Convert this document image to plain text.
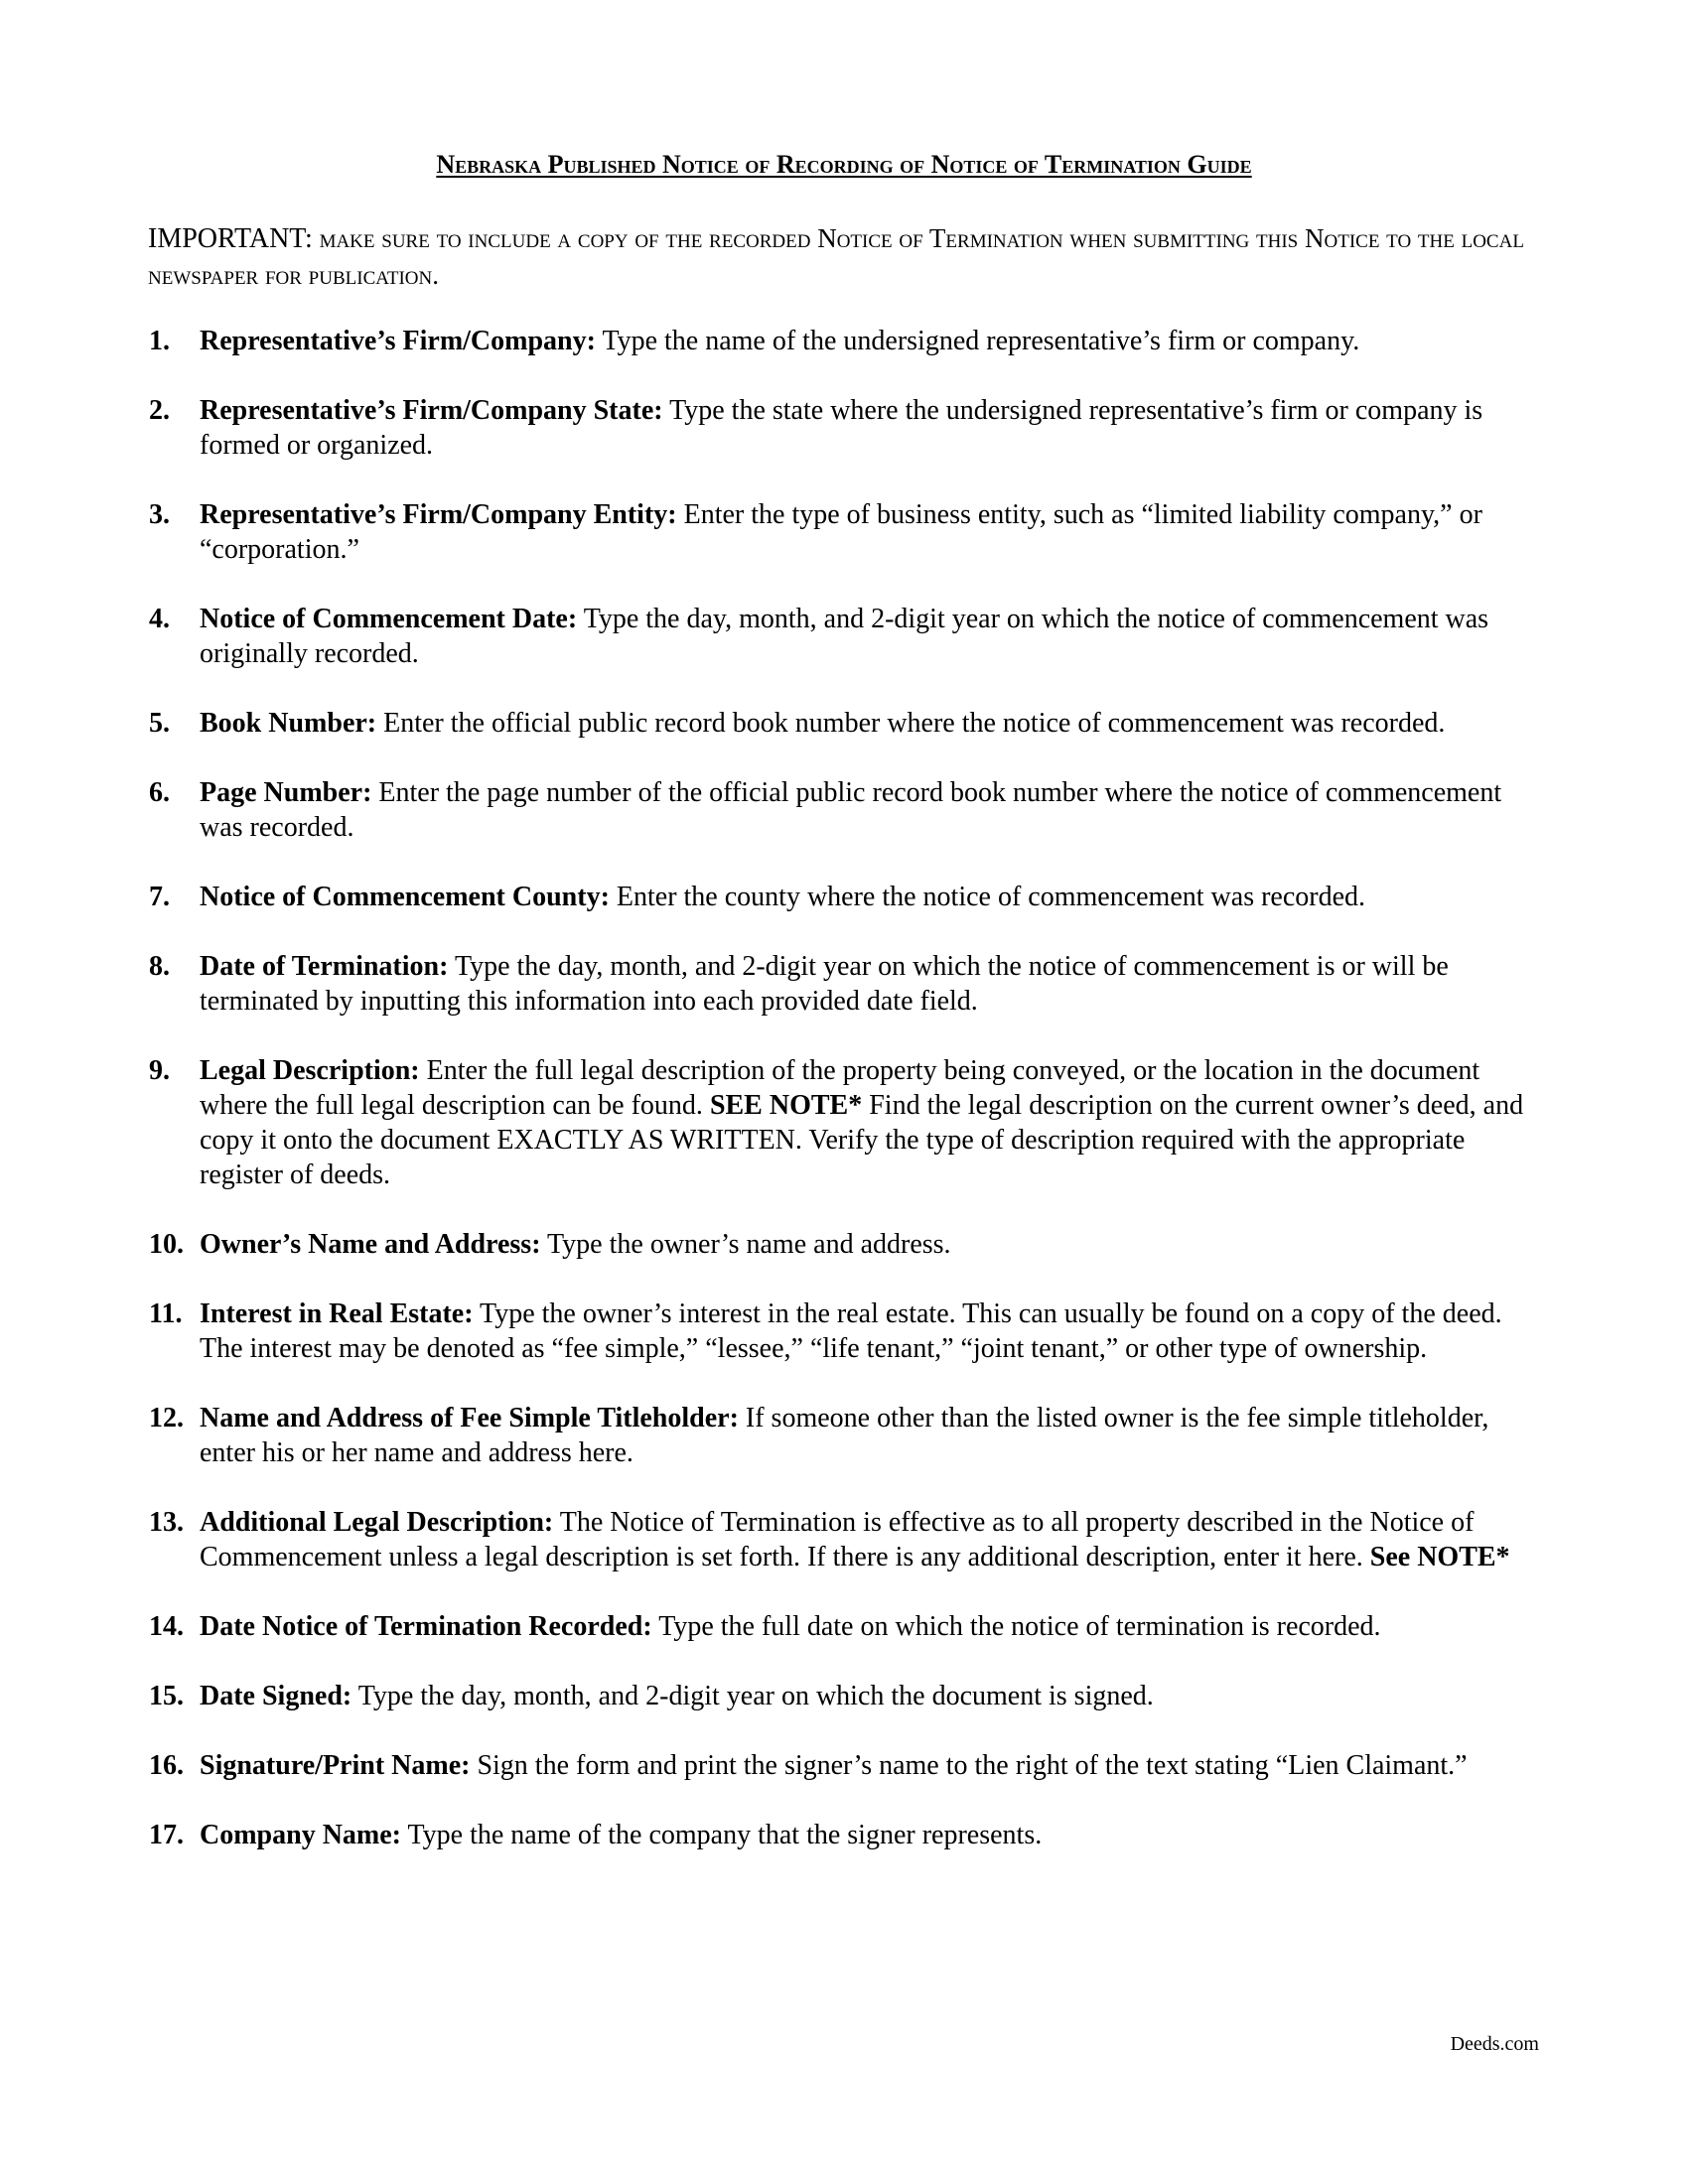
Nebraska Published Notice of Recording of Notice of Termination Guide
IMPORTANT: make sure to include a copy of the recorded Notice of Termination when submitting this Notice to the local newspaper for publication.
1. Representative’s Firm/Company: Type the name of the undersigned representative’s firm or company.
2. Representative’s Firm/Company State: Type the state where the undersigned representative’s firm or company is formed or organized.
3. Representative’s Firm/Company Entity: Enter the type of business entity, such as “limited liability company,” or “corporation.”
4. Notice of Commencement Date: Type the day, month, and 2-digit year on which the notice of commencement was originally recorded.
5. Book Number: Enter the official public record book number where the notice of commencement was recorded.
6. Page Number: Enter the page number of the official public record book number where the notice of commencement was recorded.
7. Notice of Commencement County: Enter the county where the notice of commencement was recorded.
8. Date of Termination: Type the day, month, and 2-digit year on which the notice of commencement is or will be terminated by inputting this information into each provided date field.
9. Legal Description: Enter the full legal description of the property being conveyed, or the location in the document where the full legal description can be found. SEE NOTE* Find the legal description on the current owner’s deed, and copy it onto the document EXACTLY AS WRITTEN. Verify the type of description required with the appropriate register of deeds.
10. Owner’s Name and Address: Type the owner’s name and address.
11. Interest in Real Estate: Type the owner’s interest in the real estate. This can usually be found on a copy of the deed. The interest may be denoted as “fee simple,” “lessee,” “life tenant,” “joint tenant,” or other type of ownership.
12. Name and Address of Fee Simple Titleholder: If someone other than the listed owner is the fee simple titleholder, enter his or her name and address here.
13. Additional Legal Description: The Notice of Termination is effective as to all property described in the Notice of Commencement unless a legal description is set forth. If there is any additional description, enter it here. See NOTE*
14. Date Notice of Termination Recorded: Type the full date on which the notice of termination is recorded.
15. Date Signed: Type the day, month, and 2-digit year on which the document is signed.
16. Signature/Print Name: Sign the form and print the signer’s name to the right of the text stating “Lien Claimant.”
17. Company Name: Type the name of the company that the signer represents.
Deeds.com
